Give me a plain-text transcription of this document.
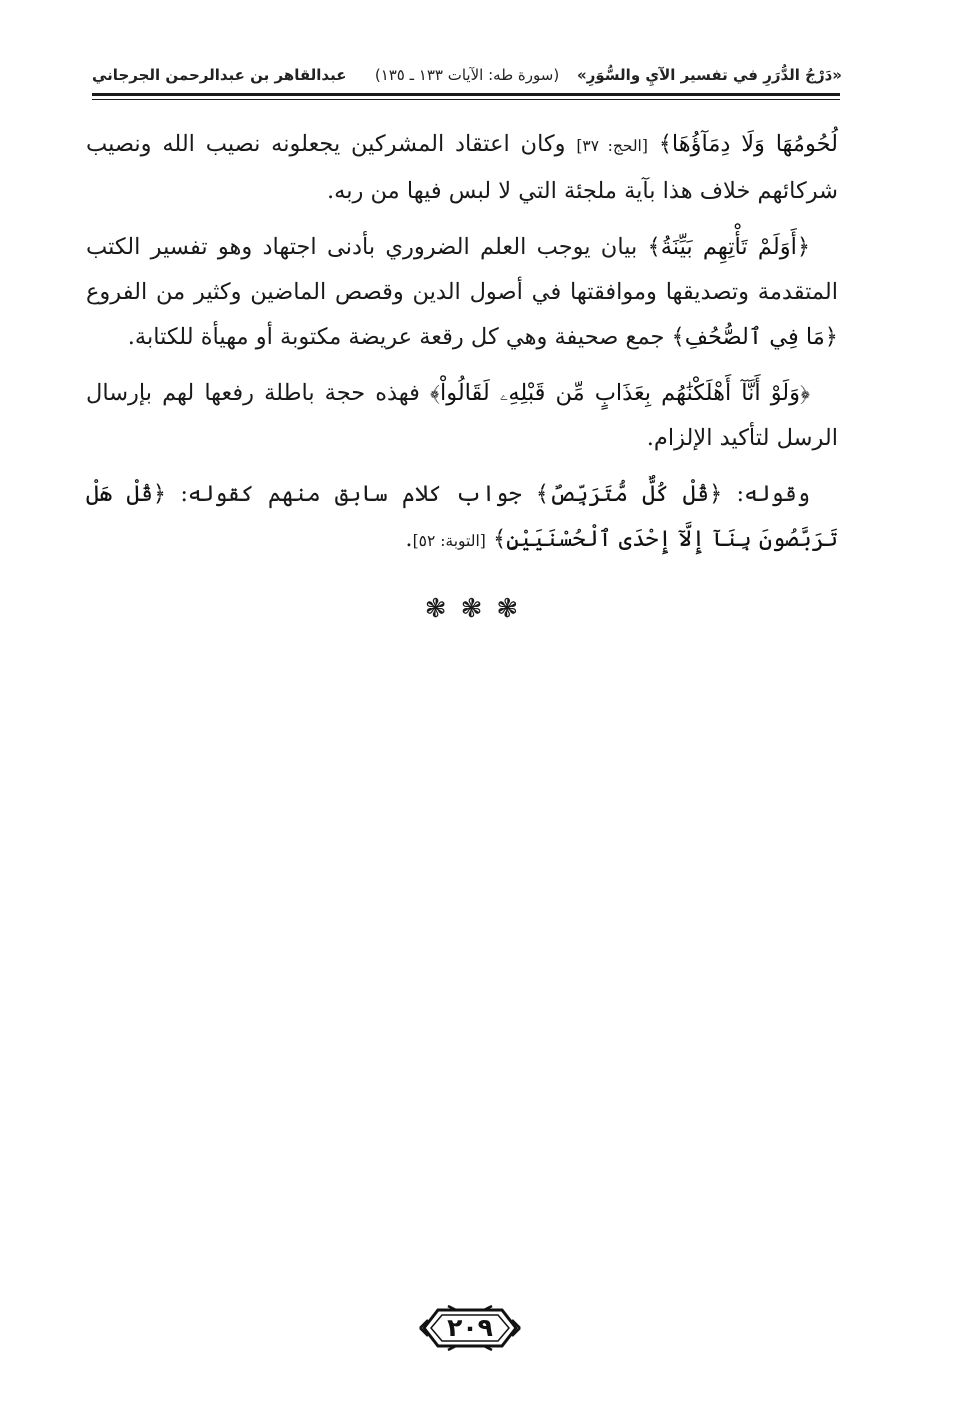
«دَرْجُ الدُّرَرِ في تفسير الآيِ والسُّوَرِ»
(سورة طه: الآيات ١٣٣ ـ ١٣٥)
عبدالقاهر بن عبدالرحمن الجرجاني

لُحُومُهَا وَلَا دِمَآؤُهَا﴾ [الحج: ٣٧] وكان اعتقاد المشركين يجعلونه نصيب الله ونصيب شركائهم خلاف هذا بآية ملجئة التي لا لبس فيها من ربه.

﴿أَوَلَمْ تَأْتِهِم بَيِّنَةُ﴾ بيان يوجب العلم الضروري بأدنى اجتهاد وهو تفسير الكتب المتقدمة وتصديقها وموافقتها في أصول الدين وقصص الماضين وكثير من الفروع ﴿مَا فِي ٱلصُّحُفِ﴾ جمع صحيفة وهي كل رقعة عريضة مكتوبة أو مهيأة للكتابة.

﴿وَلَوْ أَنَّآ أَهْلَكْنَٰهُم بِعَذَابٍ مِّن قَبْلِهِۦ لَقَالُواْ﴾ فهذه حجة باطلة رفعها لهم بإرسال الرسل لتأكيد الإلزام.

وقوله: ﴿قُلْ كُلٌّ مُّتَرَبِّصٌ﴾ جواب كلام سابق منهم كقوله: ﴿قُلْ هَلْ تَرَبَّصُونَ بِنَآ إِلَّآ إِحْدَى ٱلْحُسْنَيَيْنِ﴾ [التوبة: ٥٢].

❃❃❃
٢٠٩
